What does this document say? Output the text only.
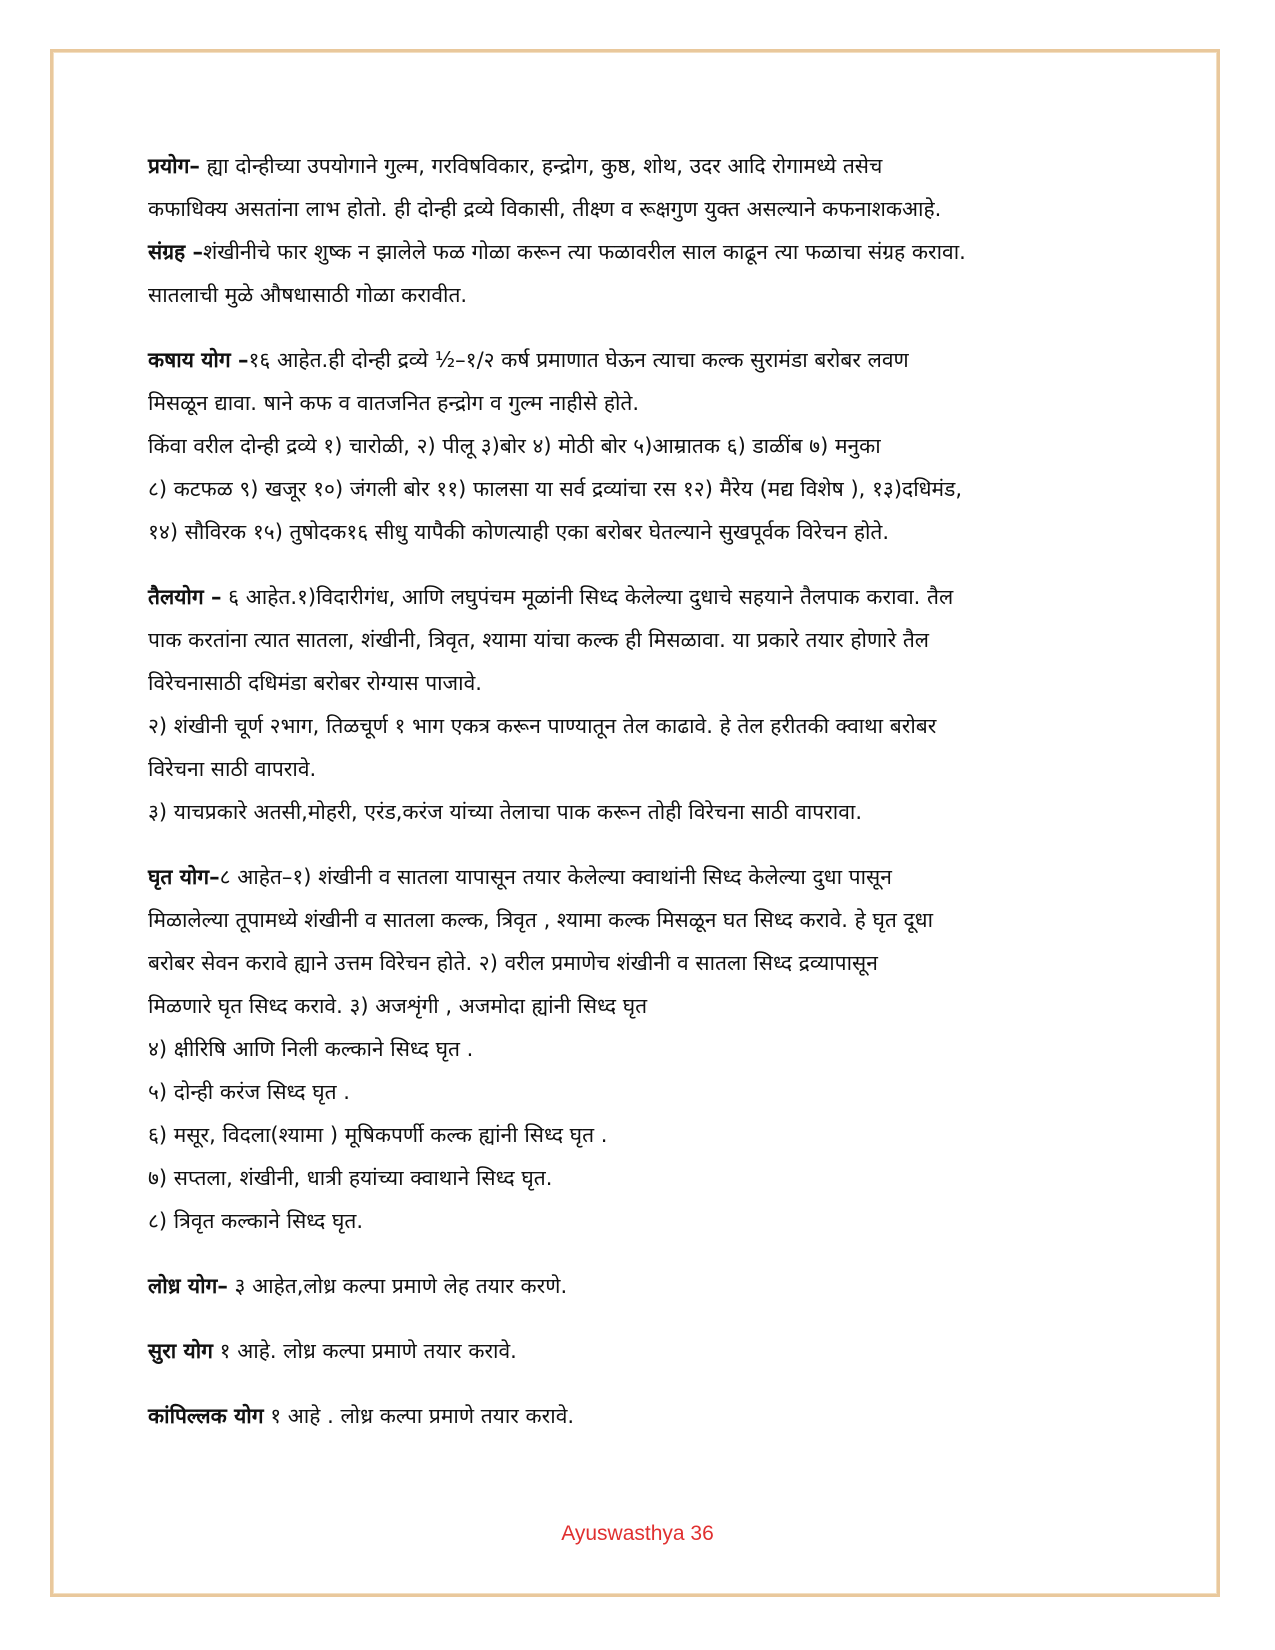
प्रयोग– ह्या दोन्हीच्या उपयोगाने गुल्म, गरविषविकार, हन्द्रोग, कुष्ठ, शोथ, उदर आदि रोगामध्ये तसेच
कफाधिक्य असतांना लाभ होतो. ही दोन्ही द्रव्ये विकासी, तीक्ष्ण व रूक्षगुण युक्त असल्याने कफनाशकआहे.
संग्रह –शंखीनीचे फार शुष्क न झालेले फळ गोळा करून त्या फळावरील साल काढून त्या फळाचा संग्रह करावा.
सातलाची मुळे औषधासाठी गोळा करावीत.
कषाय योग –१६ आहेत.ही दोन्ही द्रव्ये ½–१/२ कर्ष प्रमाणात घेऊन त्याचा कल्क सुरामंडा बरोबर लवण
मिसळून द्यावा. षाने कफ व वातजनित हन्द्रोग व गुल्म नाहीसे होते.
किंवा वरील दोन्ही द्रव्ये १) चारोळी, २) पीलू ३)बोर ४) मोठी बोर ५)आम्रातक ६) डाळींब ७) मनुका
८) कटफळ ९) खजूर १०) जंगली बोर ११) फालसा या सर्व द्रव्यांचा रस १२) मैरेय (मद्य विशेष ), १३)दधिमंड,
१४) सौविरक १५) तुषोदक१६ सीधु यापैकी कोणत्याही एका बरोबर घेतल्याने सुखपूर्वक विरेचन होते.
तैलयोग – ६ आहेत.१)विदारीगंध, आणि लघुपंचम मूळांनी सिध्द केलेल्या दुधाचे सहयाने तैलपाक करावा. तैल
पाक करतांना त्यात सातला, शंखीनी, त्रिवृत, श्यामा यांचा कल्क ही मिसळावा. या प्रकारे तयार होणारे तैल
विरेचनासाठी दधिमंडा बरोबर रोग्यास पाजावे.
२) शंखीनी चूर्ण २भाग, तिळचूर्ण १ भाग एकत्र करून पाण्यातून तेल काढावे. हे तेल हरीतकी क्वाथा बरोबर
विरेचना साठी वापरावे.
३) याचप्रकारे अतसी,मोहरी, एरंड,करंज यांच्या तेलाचा पाक करून तोही विरेचना साठी वापरावा.
घृत योग–८ आहेत–१) शंखीनी व सातला यापासून तयार केलेल्या क्वाथांनी सिध्द केलेल्या दुधा पासून
मिळालेल्या तूपामध्ये शंखीनी व सातला कल्क, त्रिवृत , श्यामा कल्क मिसळून घत सिध्द करावे. हे घृत दूधा
बरोबर सेवन करावे ह्याने उत्तम विरेचन होते. २) वरील प्रमाणेच शंखीनी व सातला सिध्द द्रव्यापासून
मिळणारे घृत सिध्द करावे. ३) अजशृंगी , अजमोदा ह्यांनी सिध्द घृत
४) क्षीरिषि आणि निली कल्काने सिध्द घृत .
५) दोन्ही करंज सिध्द घृत .
६) मसूर, विदला(श्यामा ) मूषिकपर्णी कल्क ह्यांनी सिध्द घृत .
७) सप्तला, शंखीनी, धात्री हयांच्या क्वाथाने सिध्द घृत.
८) त्रिवृत कल्काने सिध्द घृत.
लोध्र योग– ३ आहेत,लोध्र कल्पा प्रमाणे लेह तयार करणे.
सुरा योग १ आहे. लोध्र कल्पा प्रमाणे तयार करावे.
कांपिल्लक योग १ आहे . लोध्र कल्पा प्रमाणे तयार करावे.
Ayuswasthya 36
